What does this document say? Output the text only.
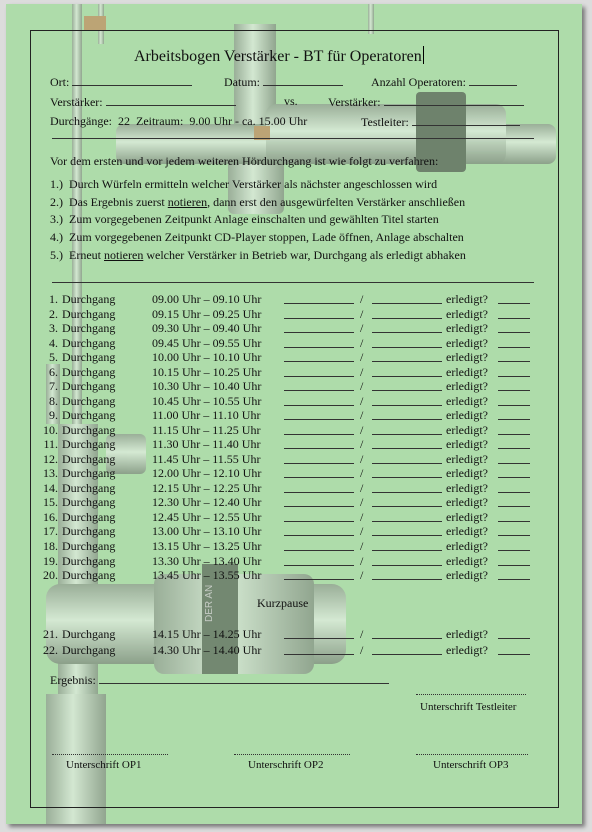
DER AN
Arbeitsbogen Verstärker - BT für Operatoren
Ort:	Datum:	Anzahl Operatoren:
Verstärker:	vs.	Verstärker:
Durchgänge: 22 Zeitraum: 9.00 Uhr - ca. 15.00 Uhr	Testleiter:
Vor dem ersten und vor jedem weiteren Hördurchgang ist wie folgt zu verfahren:
1.) Durch Würfeln ermitteln welcher Verstärker als nächster angeschlossen wird
2.) Das Ergebnis zuerst notieren, dann erst den ausgewürfelten Verstärker anschließen
3.) Zum vorgegebenen Zeitpunkt Anlage einschalten und gewählten Titel starten
4.) Zum vorgegebenen Zeitpunkt CD-Player stoppen, Lade öffnen, Anlage abschalten
5.) Erneut notieren welcher Verstärker in Betrieb war, Durchgang als erledigt abhaken
1. Durchgang	09.00 Uhr – 09.10 Uhr	/	erledigt?
2. Durchgang	09.15 Uhr – 09.25 Uhr	/	erledigt?
3. Durchgang	09.30 Uhr – 09.40 Uhr	/	erledigt?
4. Durchgang	09.45 Uhr – 09.55 Uhr	/	erledigt?
5. Durchgang	10.00 Uhr – 10.10 Uhr	/	erledigt?
6. Durchgang	10.15 Uhr – 10.25 Uhr	/	erledigt?
7. Durchgang	10.30 Uhr – 10.40 Uhr	/	erledigt?
8. Durchgang	10.45 Uhr – 10.55 Uhr	/	erledigt?
9. Durchgang	11.00 Uhr – 11.10 Uhr	/	erledigt?
10. Durchgang	11.15 Uhr – 11.25 Uhr	/	erledigt?
11. Durchgang	11.30 Uhr – 11.40 Uhr	/	erledigt?
12. Durchgang	11.45 Uhr – 11.55 Uhr	/	erledigt?
13. Durchgang	12.00 Uhr – 12.10 Uhr	/	erledigt?
14. Durchgang	12.15 Uhr – 12.25 Uhr	/	erledigt?
15. Durchgang	12.30 Uhr – 12.40 Uhr	/	erledigt?
16. Durchgang	12.45 Uhr – 12.55 Uhr	/	erledigt?
17. Durchgang	13.00 Uhr – 13.10 Uhr	/	erledigt?
18. Durchgang	13.15 Uhr – 13.25 Uhr	/	erledigt?
19. Durchgang	13.30 Uhr – 13.40 Uhr	/	erledigt?
20. Durchgang	13.45 Uhr – 13.55 Uhr	/	erledigt?
Kurzpause
21. Durchgang	14.15 Uhr – 14.25 Uhr	/	erledigt?
22. Durchgang	14.30 Uhr – 14.40 Uhr	/	erledigt?
Ergebnis:
Unterschrift Testleiter
Unterschrift OP1	Unterschrift OP2	Unterschrift OP3
